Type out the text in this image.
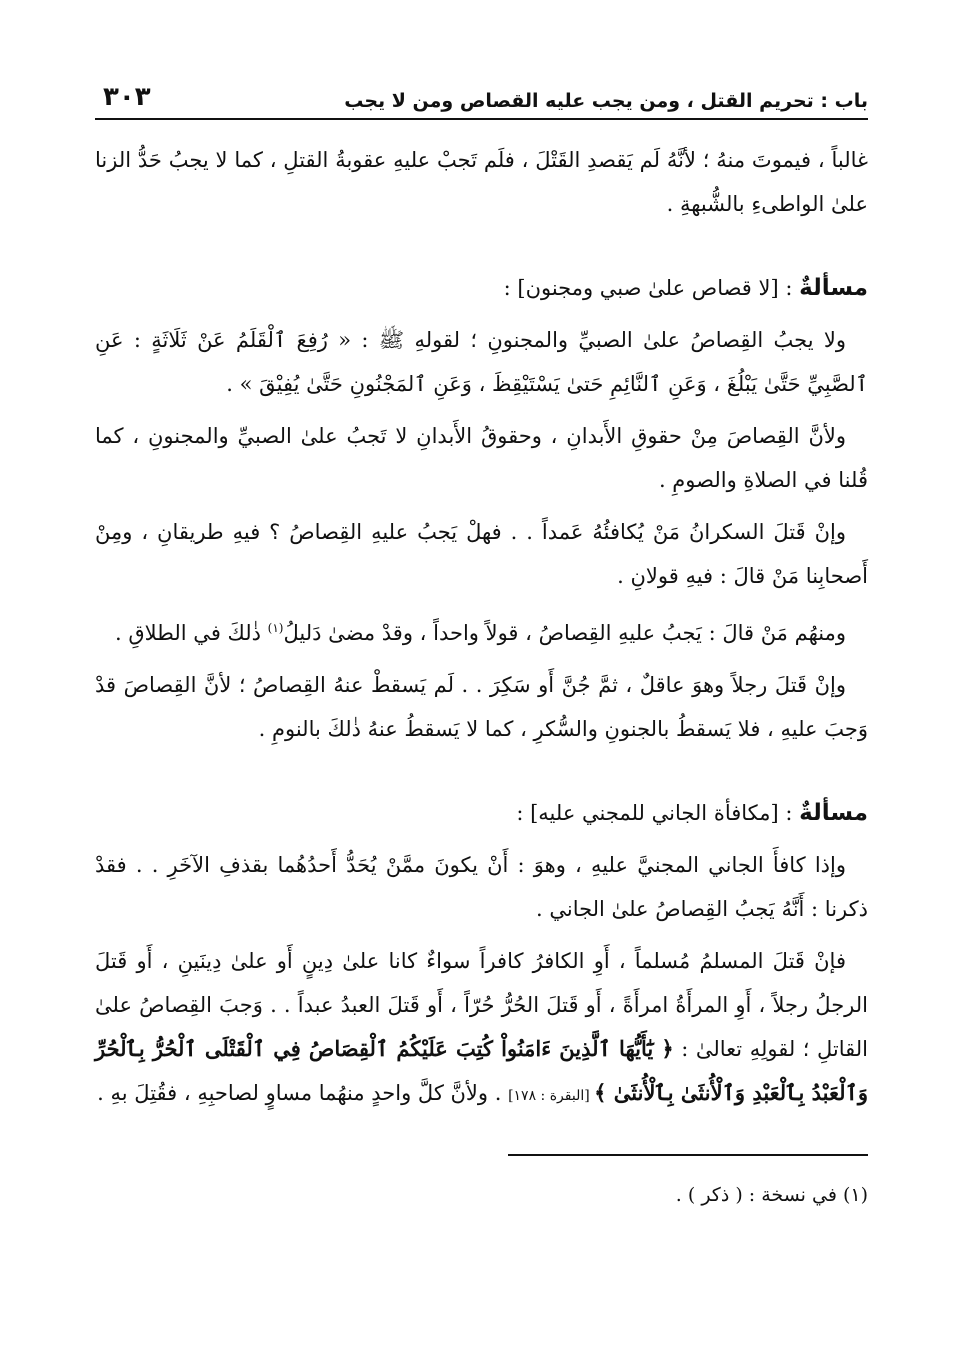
باب : تحريم القتل ، ومن يجب عليه القصاص ومن لا يجب
٣٠٣

غالباً ، فيموتَ منهُ ؛ لأنَّهُ لَم يَقصدِ القَتْلَ ، فلَم تَجبْ عليهِ عقوبةُ القتلِ ، كما لا يجبُ حَدُّ الزنا علىٰ الواطىءِ بالشُّبهةِ .

مسألةٌ : [لا قصاص علىٰ صبي ومجنون] :

ولا يجبُ القِصاصُ علىٰ الصبيِّ والمجنونِ ؛ لقولهِ ﷺ : « رُفِعَ ٱلْقَلَمُ عَنْ ثَلَاثَةٍ : عَنِ ٱلصَّبِيِّ حَتَّىٰ يَبْلُغَ ، وَعَنِ ٱلنَّائِمِ حَتىٰ يَسْتَيْقِظَ ، وَعَنِ ٱلمَجْنُونِ حَتَّىٰ يُفِيْقَ » .

ولأنَّ القِصاصَ مِنْ حقوقِ الأَبدانِ ، وحقوقُ الأَبدانِ لا تَجبُ علىٰ الصبيِّ والمجنونِ ، كما قُلنا في الصلاةِ والصومِ .

وإنْ قَتلَ السكرانُ مَنْ يُكافئُهُ عَمداً . . فهلْ يَجبُ عليهِ القِصاصُ ؟ فيهِ طريقانِ ، ومِنْ أَصحابِنا مَنْ قالَ : فيهِ قولانِ .

ومنهُم مَنْ قالَ : يَجبُ عليهِ القِصاصُ ، قولاً واحداً ، وقدْ مضىٰ دَليلُ$^{(١)}$ ذٰلكَ في الطلاقِ .

وإنْ قَتلَ رجلاً وهوَ عاقلٌ ، ثمَّ جُنَّ أَو سَكِرَ . . لَم يَسقطْ عنهُ القِصاصُ ؛ لأنَّ القِصاصَ قدْ وَجبَ عليهِ ، فلا يَسقطُ بالجنونِ والسُّكرِ ، كما لا يَسقطُ عنهُ ذٰلكَ بالنومِ .

مسألةٌ : [مكافأة الجاني للمجني عليه] :

وإذا كافأَ الجاني المجنيَّ عليهِ ، وهوَ : أَنْ يكونَ ممَّنْ يُحَدُّ أَحدُهُما بقذفِ الآخَرِ . . فقدْ ذكرنا : أَنَّهُ يَجبُ القِصاصُ علىٰ الجاني .

فإنْ قَتلَ المسلمُ مُسلماً ، أَوِ الكافرُ كافراً سواءٌ كانا علىٰ دِينٍ أَو علىٰ دِينَينِ ، أَو قَتلَ الرجلُ رجلاً ، أَوِ المرأَةُ امرأَةً ، أَو قَتلَ الحُرُّ حُرّاً ، أَو قَتلَ العبدُ عبداً . . وَجبَ القِصاصُ علىٰ القاتلِ ؛ لقولِهِ تعالىٰ : ﴿ يَٰٓأَيُّهَا ٱلَّذِينَ ءَامَنُواْ كُتِبَ عَلَيْكُمُ ٱلْقِصَاصُ فِي ٱلْقَتْلَى ٱلْحُرُّ بِٱلْحُرِّ وَٱلْعَبْدُ بِٱلْعَبْدِ وَٱلْأُنثَىٰ بِٱلْأُنثَىٰ ﴾ [البقرة : ١٧٨] . ولأنَّ كلَّ واحدٍ منهُما مساوٍ لصاحبِهِ ، فقُتِلَ بهِ .

(١) في نسخة : ( ذكر ) .
